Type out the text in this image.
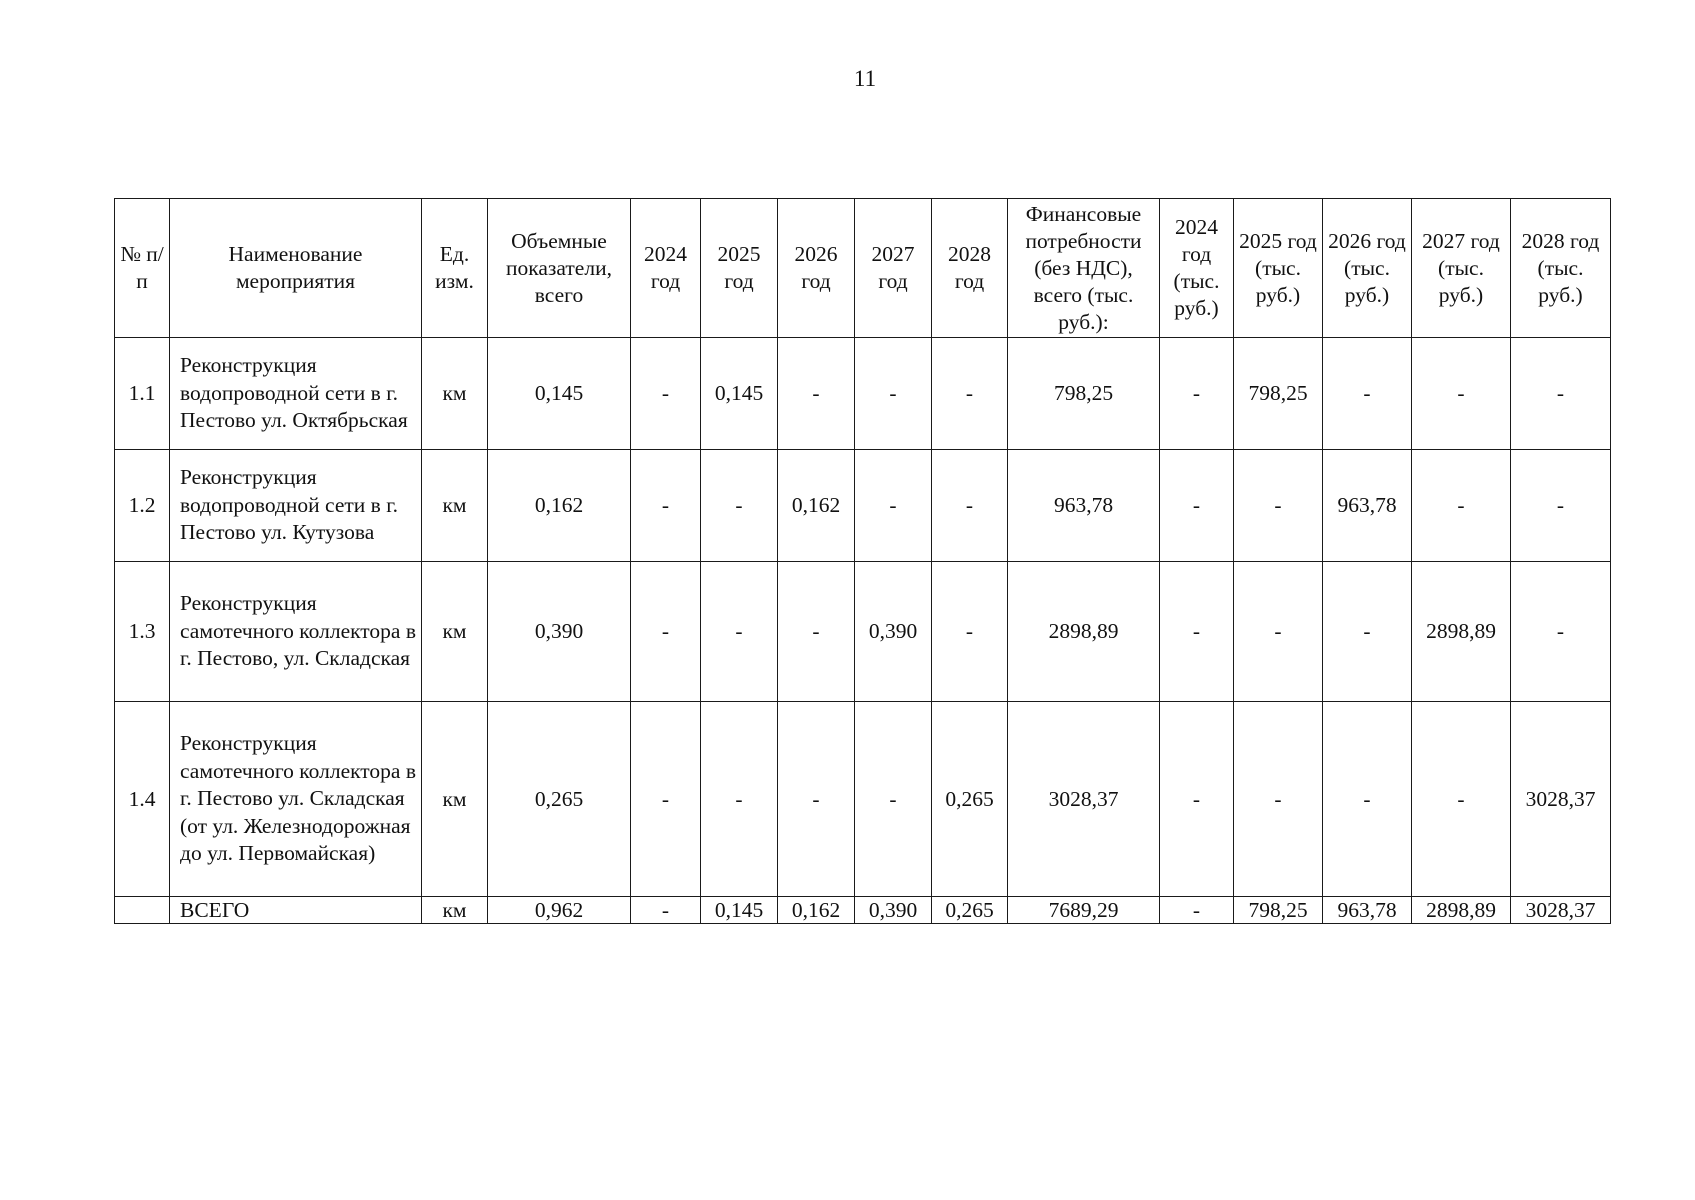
11
№ п/п	Наименование мероприятия	Ед. изм.	Объемные показатели, всего	2024 год	2025 год	2026 год	2027 год	2028 год	Финансовые потребности (без НДС), всего (тыс. руб.):	2024 год (тыс. руб.)	2025 год (тыс. руб.)	2026 год (тыс. руб.)	2027 год (тыс. руб.)	2028 год (тыс. руб.)
1.1	Реконструкция водопроводной сети в г. Пестово ул. Октябрьская	км	0,145	-	0,145	-	-	-	798,25	-	798,25	-	-	-
1.2	Реконструкция водопроводной сети в г. Пестово ул. Кутузова	км	0,162	-	-	0,162	-	-	963,78	-	-	963,78	-	-
1.3	Реконструкция самотечного коллектора в г. Пестово, ул. Складская	км	0,390	-	-	-	0,390	-	2898,89	-	-	-	2898,89	-
1.4	Реконструкция самотечного коллектора в г. Пестово ул. Складская (от ул. Железнодорожная до ул. Первомайская)	км	0,265	-	-	-	-	0,265	3028,37	-	-	-	-	3028,37
	ВСЕГО	км	0,962	-	0,145	0,162	0,390	0,265	7689,29	-	798,25	963,78	2898,89	3028,37
